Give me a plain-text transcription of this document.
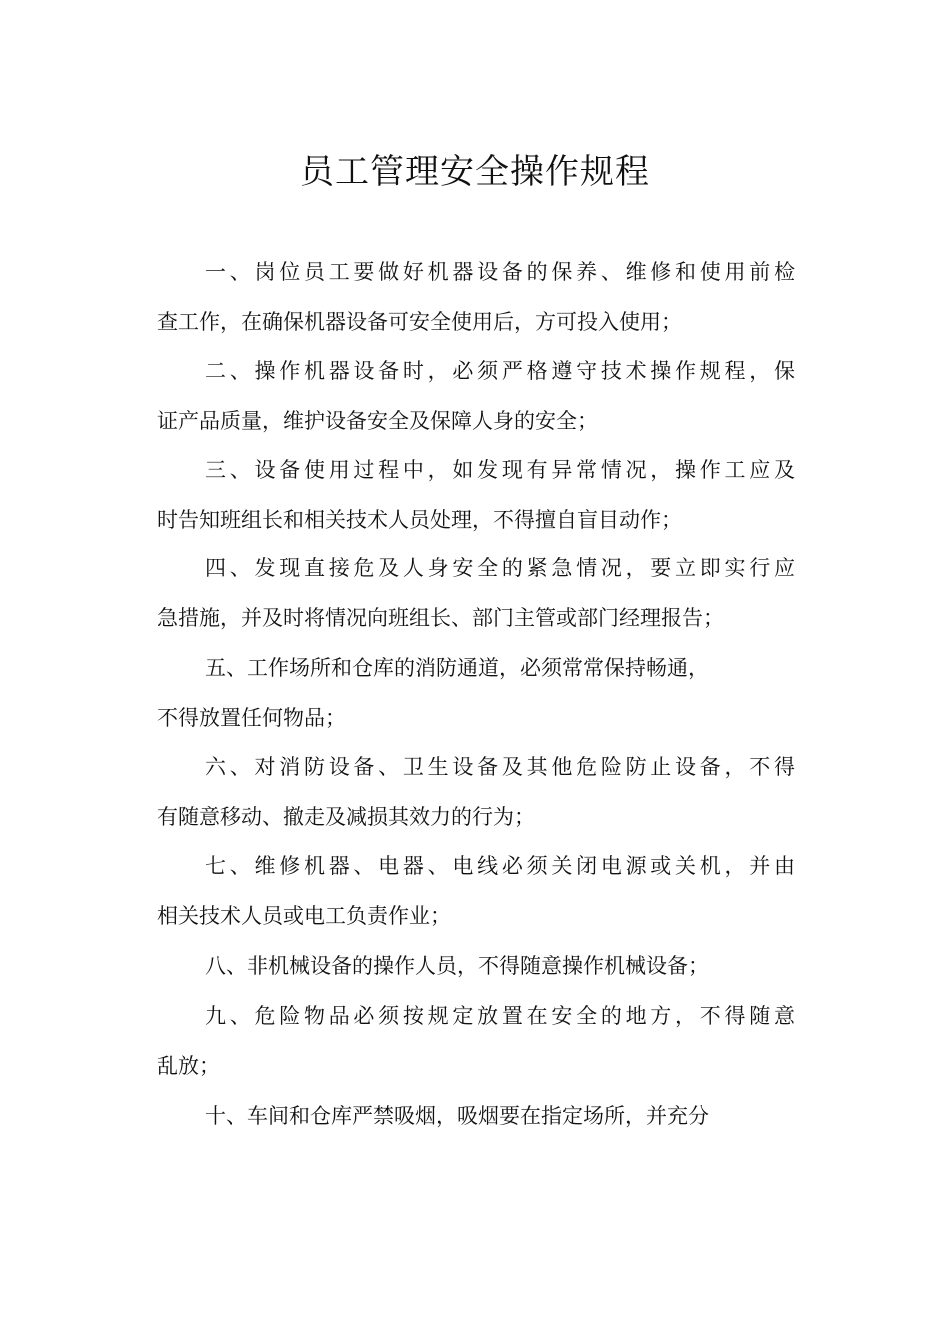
员工管理安全操作规程

一、岗位员工要做好机器设备的保养、维修和使用前检

查工作，在确保机器设备可安全使用后，方可投入使用；

二、操作机器设备时，必须严格遵守技术操作规程，保

证产品质量，维护设备安全及保障人身的安全；

三、设备使用过程中，如发现有异常情况，操作工应及

时告知班组长和相关技术人员处理，不得擅自盲目动作；

四、发现直接危及人身安全的紧急情况，要立即实行应

急措施，并及时将情况向班组长、部门主管或部门经理报告；

五、工作场所和仓库的消防通道，必须常常保持畅通，

不得放置任何物品；

六、对消防设备、卫生设备及其他危险防止设备，不得

有随意移动、撤走及减损其效力的行为；

七、维修机器、电器、电线必须关闭电源或关机，并由

相关技术人员或电工负责作业；

八、非机械设备的操作人员，不得随意操作机械设备；

九、危险物品必须按规定放置在安全的地方，不得随意

乱放；

十、车间和仓库严禁吸烟，吸烟要在指定场所，并充分
